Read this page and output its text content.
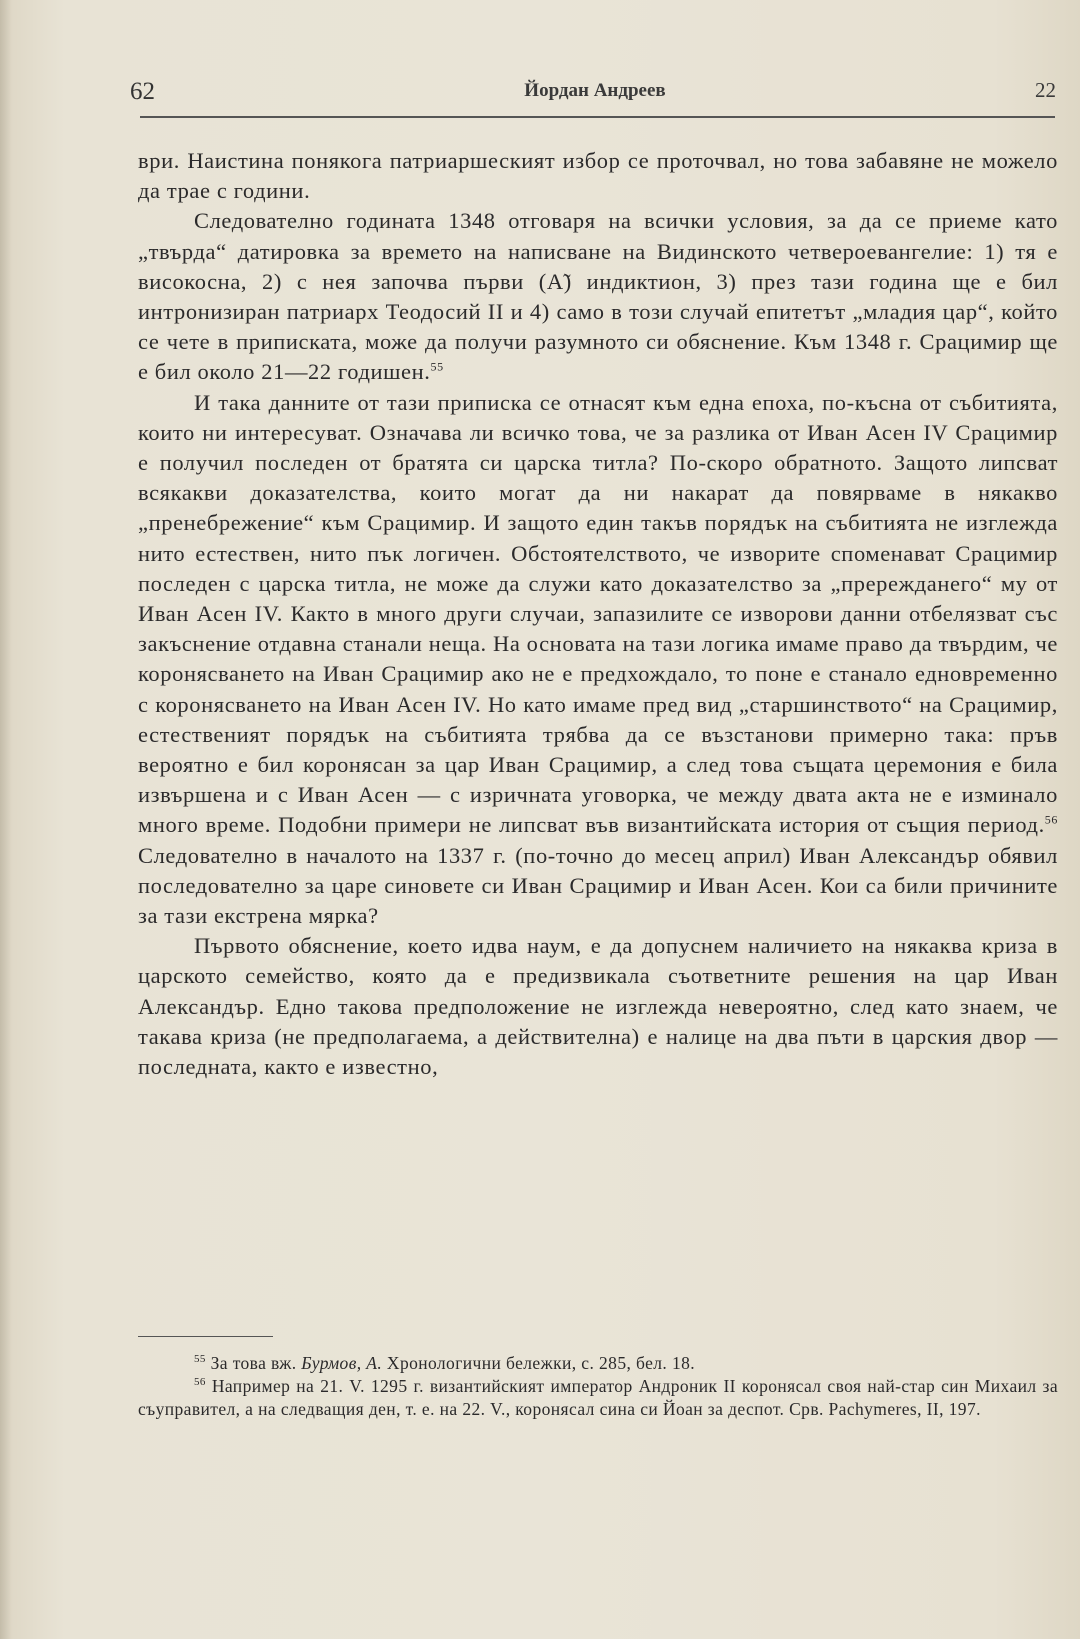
62	Йордан Андреев	22

ври. Наистина понякога патриаршеският избор се проточвал, но това забавяне не можело да трае с години.

Следователно годината 1348 отговаря на всички условия, за да се приеме като „твърда“ датировка за времето на написване на Видинското четвероевангелие: 1) тя е високосна, 2) с нея започва първи (А̃) индиктион, 3) през тази година ще е бил интронизиран патриарх Теодосий II и 4) само в този случай епитетът „младия цар“, който се чете в приписката, може да получи разумното си обяснение. Към 1348 г. Срацимир ще е бил около 21—22 годишен.$^{55}$

И така данните от тази приписка се отнасят към една епоха, по-късна от събитията, които ни интересуват. Означава ли всичко това, че за разлика от Иван Асен IV Срацимир е получил последен от братята си царска титла? По-скоро обратното. Защото липсват всякакви доказателства, които могат да ни накарат да повярваме в някакво „пренебрежение“ към Срацимир. И защото един такъв порядък на събитията не изглежда нито естествен, нито пък логичен. Обстоятелството, че изворите споменават Срацимир последен с царска титла, не може да служи като доказателство за „прережданего“ му от Иван Асен IV. Както в много други случаи, запазилите се изворови данни отбелязват със закъснение отдавна станали неща. На основата на тази логика имаме право да твърдим, че коронясването на Иван Срацимир ако не е предхождало, то поне е станало едновременно с коронясването на Иван Асен IV. Но като имаме пред вид „старшинството“ на Срацимир, естественият порядък на събитията трябва да се възстанови примерно така: пръв вероятно е бил коронясан за цар Иван Срацимир, а след това същата церемония е била извършена и с Иван Асен — с изричната уговорка, че между двата акта не е изминало много време. Подобни примери не липсват във византийската история от същия период.$^{56}$ Следователно в началото на 1337 г. (по-точно до месец април) Иван Александър обявил последователно за царе синовете си Иван Срацимир и Иван Асен. Кои са били причините за тази екстрена мярка?

Първото обяснение, което идва наум, е да допуснем наличието на някаква криза в царското семейство, която да е предизвикала съответните решения на цар Иван Александър. Едно такова предположение не изглежда невероятно, след като знаем, че такава криза (не предполагаема, а действителна) е налице на два пъти в царския двор — последната, както е известно,

$^{55}$ За това вж. Бурмов, А. Хронологични бележки, с. 285, бел. 18.

$^{56}$ Например на 21. V. 1295 г. византийският император Андроник II коронясал своя най-стар син Михаил за съуправител, а на следващия ден, т. е. на 22. V., коронясал сина си Йоан за деспот. Срв. Pachymeres, II, 197.
